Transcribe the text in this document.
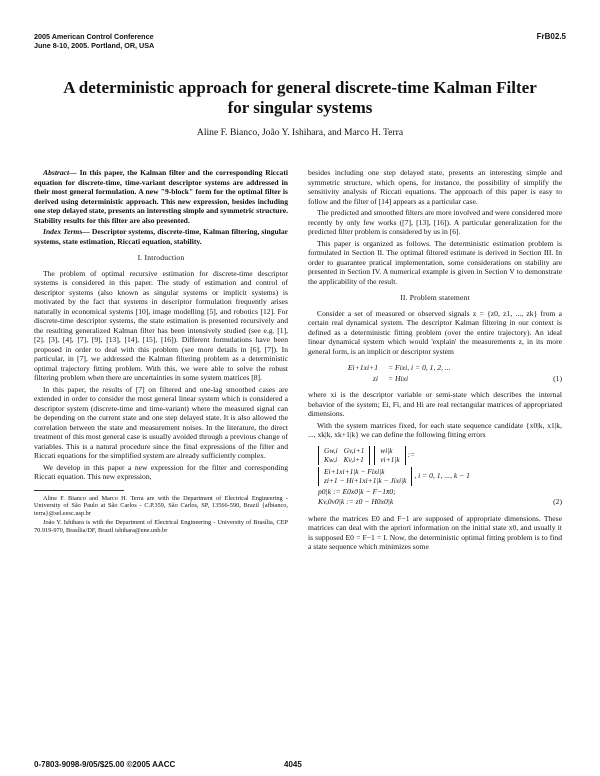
2005 American Control Conference
June 8-10, 2005. Portland, OR, USA
FrB02.5
A deterministic approach for general discrete-time Kalman Filter
for singular systems
Aline F. Bianco, João Y. Ishihara, and Marco H. Terra

Abstract— In this paper, the Kalman filter and the corresponding Riccati equation for discrete-time, time-variant descriptor systems are addressed in their most general formulation. A new "9-block" form for the optimal filter is derived using deterministic approach. This new expression, besides including one step delayed state, presents an interesting simple and symmetric structure. Stability results for this filter are also presented.

Index Terms— Descriptor systems, discrete-time, Kalman filtering, singular systems, state estimation, Riccati equation, stability.

I. Introduction

The problem of optimal recursive estimation for discrete-time descriptor systems is considered in this paper. The study of estimation and control of descriptor systems (also known as singular systems or implicit systems) is motivated by the fact that systems in descriptor formulation frequently arises naturally in economical systems [10], image modelling [5], and robotics [12]. For discrete-time descriptor systems, the state estimation is presented recursively and the resulting generalized Kalman filter has been intensively studied (see e.g. [1], [2], [3], [4], [7], [9], [13], [14], [15], [16]). Different formulations have been proposed in order to deal with this problem (see more details in [6], [7]). In particular, in [7], we addressed the Kalman filtering problem as a deterministic optimal trajectory fitting problem. With this, we were able to solve the robust filtering problem when there are uncertainties in some system matrices [8].

In this paper, the results of [7] on filtered and one-lag smoothed cases are extended in order to consider the most general linear system which is considered a descriptor system (discrete-time and time-variant) where the measured signal can be depending on the current state and one step delayed state. It is also allowed the correlation between the state and measurement noises. In the literature, the direct treatment of this most general case is usually avoided through a previous change of variables. This is a natural procedure since the final expressions of the filter and Riccati equations for the simplified system are already sufficiently complex.

We develop in this paper a new expression for the filter and corresponding Riccati equation. This new expression,

Aline F. Bianco and Marco H. Terra are with the Department of Electrical Engineering - University of São Paulo at São Carlos - C.P.359, São Carlos, SP, 13566-590, Brazil {afbianco, terra}@sel.eesc.usp.br

João Y. Ishihara is with the Department of Electrical Engineering - University of Brasília, CEP 70.919-970, Brasília/DF, Brazil ishihara@ene.unb.br

besides including one step delayed state, presents an interesting simple and symmetric structure, which opens, for instance, the possibility of simplify the sensitivity analysis of Riccati equations. The approach of this paper is easy to follow and the filter of [14] appears as a particular case.

The predicted and smoothed filters are more involved and were considered more recently by only few works ([7], [13], [16]). A particular generalization for the predicted filter problem is considered by us in [6].

This paper is organized as follows. The deterministic estimation problem is formulated in Section II. The optimal filtered estimate is derived in Section III. In order to guarantee pratical implementation, some considerations on stability are presented in Section IV. A numerical example is given in Section V to demonstrate the applicability of the result.

II. Problem statement

Consider a set of measured or observed signals z = {z0, z1, ..., zk} from a certain real dynamical system. The descriptor Kalman filtering in our context is defined as a deterministic fitting problem (over the entire trajectory). An ideal linear dynamical system which would 'explain' the measurements z, in its more general form, is an implicit or descriptor system

Ei+1xi+1 = Fixi, i = 0, 1, 2, ...
zi = Hixi	(1)

where xi is the descriptor variable or semi-state which describes the internal behavior of the system; Ei, Fi, and Hi are real rectangular matrices of appropriated dimensions.

With the system matrices fixed, for each state sequence candidate {x0|k, x1|k, ..., xk|k, xk+1|k} we can define the following fitting errors

Gw,i	Gv,i+1
Kw,i	Kv,i+1
wi|k
vi+1|k
:=
Ei+1xi+1|k − Fixi|k
zi+1 − Hi+1xi+1|k − Jixi|k
, i = 0, 1, ..., k − 1
p0|k := E0x0|k − F−1x̄0;
Kv,0v0|k := z0 − H0x0|k	(2)

where the matrices E0 and F−1 are supposed of appropriate dimensions. These matrices can deal with the apriori information on the initial state x0, and usually it is supposed E0 = F−1 = I. Now, the deterministic optimal fitting problem is to find a state sequence which minimizes some

0-7803-9098-9/05/$25.00 ©2005 AACC	4045
